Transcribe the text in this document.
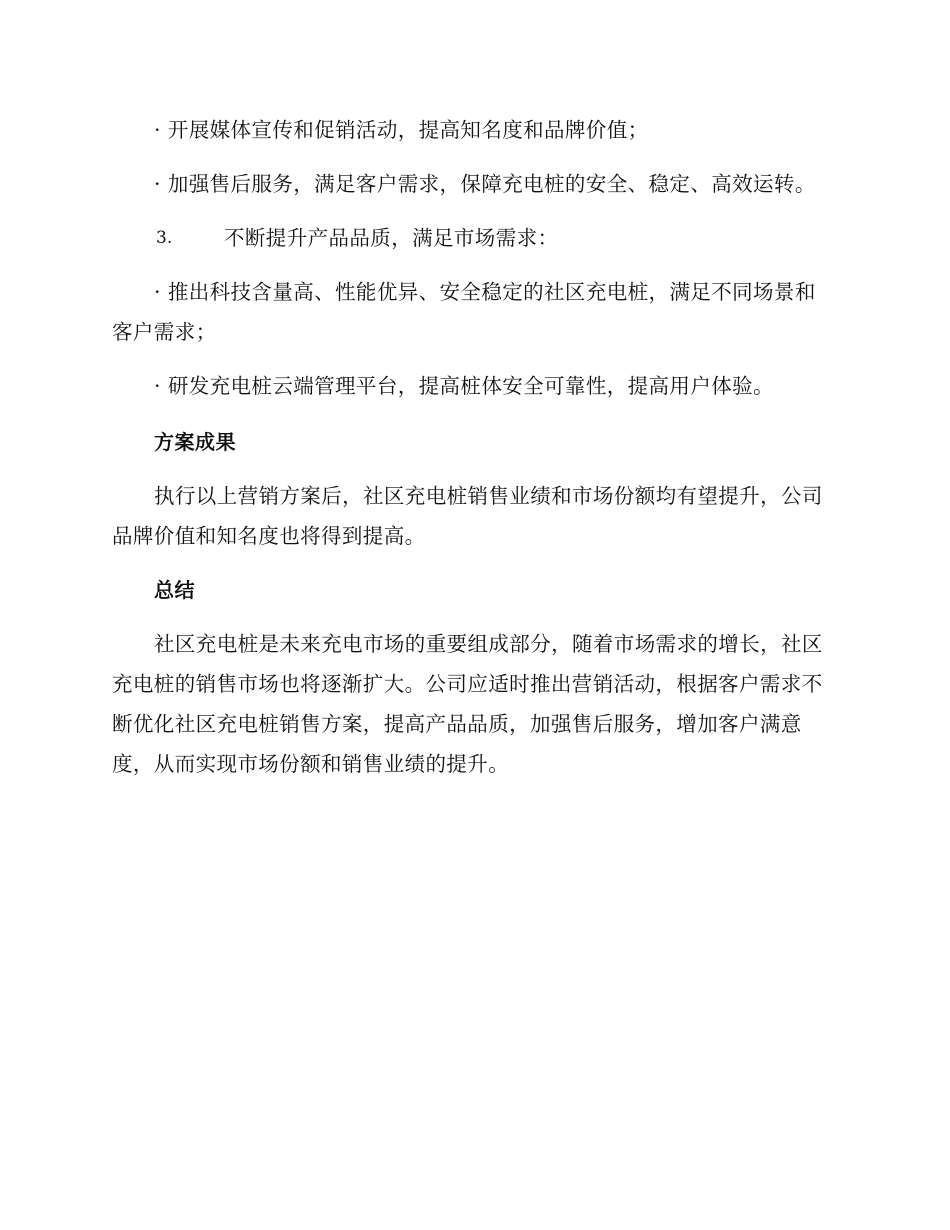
· 开展媒体宣传和促销活动，提高知名度和品牌价值；

· 加强售后服务，满足客户需求，保障充电桩的安全、稳定、高效运转。

3.	不断提升产品品质，满足市场需求：

· 推出科技含量高、性能优异、安全稳定的社区充电桩，满足不同场景和客户需求；

· 研发充电桩云端管理平台，提高桩体安全可靠性，提高用户体验。

方案成果

执行以上营销方案后，社区充电桩销售业绩和市场份额均有望提升，公司品牌价值和知名度也将得到提高。

总结

社区充电桩是未来充电市场的重要组成部分，随着市场需求的增长，社区充电桩的销售市场也将逐渐扩大。公司应适时推出营销活动，根据客户需求不断优化社区充电桩销售方案，提高产品品质，加强售后服务，增加客户满意度，从而实现市场份额和销售业绩的提升。
